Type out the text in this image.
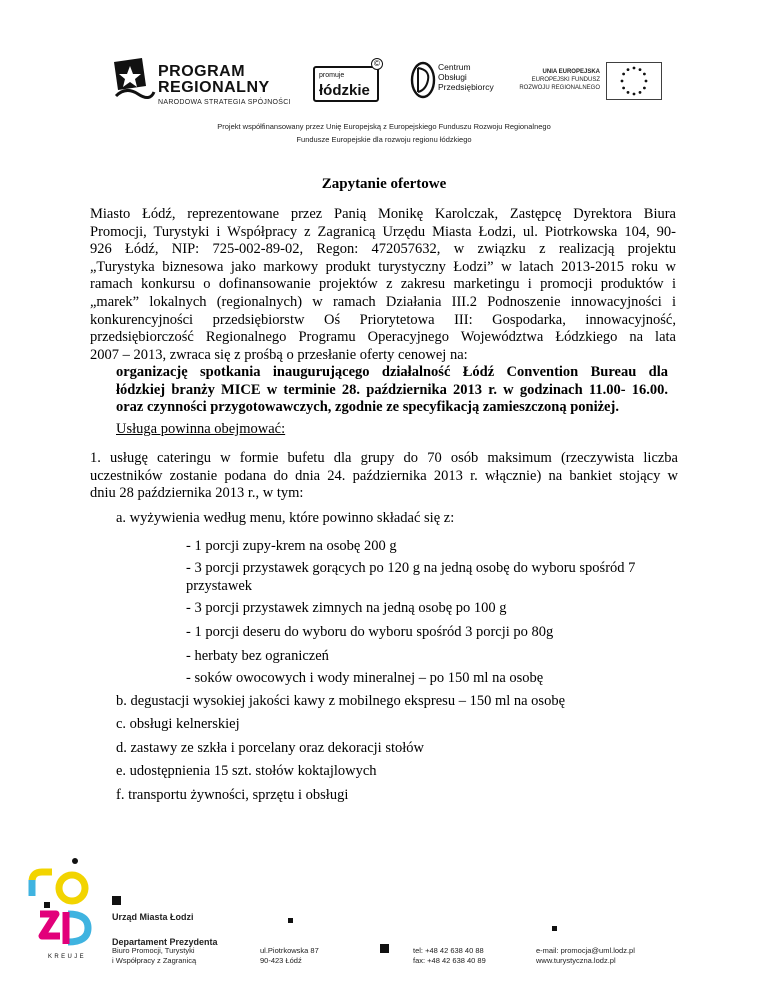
PROGRAM
REGIONALNY
NARODOWA STRATEGIA SPÓJNOŚCI
promuje
łódzkie
©	Centrum
Obsługi
Przedsiębiorcy
UNIA EUROPEJSKA
EUROPEJSKI FUNDUSZ
ROZWOJU REGIONALNEGO
Projekt współfinansowany przez Unię Europejską z Europejskiego Funduszu Rozwoju Regionalnego
Fundusze Europejskie dla rozwoju regionu łódzkiego
Zapytanie ofertowe
Miasto Łódź, reprezentowane przez Panią Monikę Karolczak, Zastępcę Dyrektora Biura
Promocji, Turystyki i Współpracy z Zagranicą Urzędu Miasta Łodzi, ul. Piotrkowska 104, 90-
926 Łódź, NIP: 725-002-89-02, Regon: 472057632, w związku z realizacją projektu
„Turystyka biznesowa jako markowy produkt turystyczny Łodzi” w latach 2013-2015 roku w
ramach konkursu o dofinansowanie projektów z zakresu marketingu i promocji produktów i
„marek” lokalnych (regionalnych) w ramach Działania III.2 Podnoszenie innowacyjności i
konkurencyjności przedsiębiorstw Oś Priorytetowa III: Gospodarka, innowacyjność,
przedsiębiorczość Regionalnego Programu Operacyjnego Województwa Łódzkiego na lata
2007 – 2013, zwraca się z prośbą o przesłanie oferty cenowej na:
organizację spotkania inaugurującego działalność Łódź Convention Bureau dla
łódzkiej branży MICE w terminie 28. października 2013 r. w godzinach 11.00- 16.00.
oraz czynności przygotowawczych, zgodnie ze specyfikacją zamieszczoną poniżej.
Usługa powinna obejmować:
1. usługę cateringu w formie bufetu dla grupy do 70 osób maksimum (rzeczywista liczba
uczestników zostanie podana do dnia 24. października 2013 r. włącznie) na bankiet stojący w
dniu 28 października 2013 r., w tym:
a. wyżywienia według menu, które powinno składać się z:
- 1 porcji zupy-krem na osobę 200 g
- 3 porcji przystawek gorących po 120 g na jedną osobę do wyboru spośród 7
przystawek
- 3 porcji przystawek zimnych na jedną osobę po 100 g
- 1 porcji deseru do wyboru do wyboru spośród 3 porcji po 80g
- herbaty bez ograniczeń
- soków owocowych i wody mineralnej – po 150 ml na osobę
b. degustacji wysokiej jakości kawy z mobilnego ekspresu – 150 ml na osobę
c. obsługi kelnerskiej
d. zastawy ze szkła i porcelany oraz dekoracji stołów
e. udostępnienia 15 szt. stołów koktajlowych
f. transportu żywności, sprzętu i obsługi
KREUJE
Urząd Miasta Łodzi
Departament Prezydenta
Biuro Promocji, Turystyki
i Współpracy z Zagranicą
ul.Piotrkowska 87
90-423 Łódź
tel: +48 42 638 40 88
fax: +48 42 638 40 89
e-mail: promocja@uml.lodz.pl
www.turystyczna.lodz.pl
